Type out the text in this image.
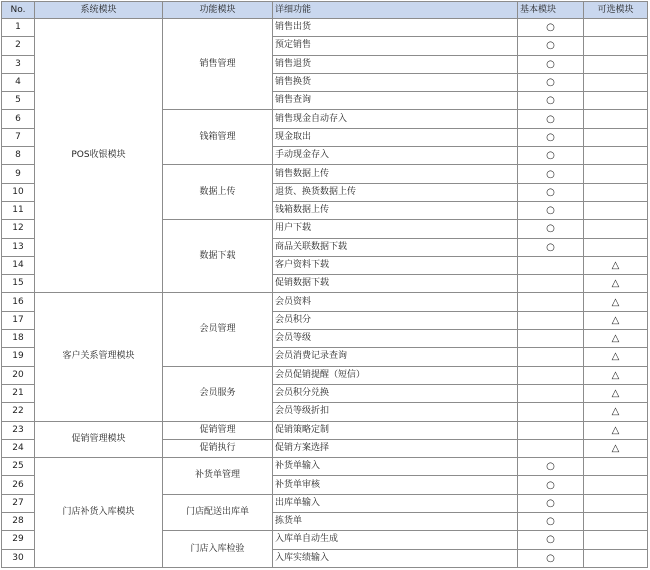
No.	系统模块	功能模块	详细功能	基本模块	可选模块
1	POS收银模块	销售管理	销售出货	○	
2			预定销售	○	
3			销售退货	○	
4			销售换货	○	
5			销售查询	○	
6		钱箱管理	销售现金自动存入	○	
7			现金取出	○	
8			手动现金存入	○	
9		数据上传	销售数据上传	○	
10			退货、换货数据上传	○	
11			钱箱数据上传	○	
12		数据下载	用户下载	○	
13			商品关联数据下载	○	
14			客户资料下载		△
15			促销数据下载		△
16	客户关系管理模块	会员管理	会员资料		△
17			会员积分		△
18			会员等级		△
19			会员消费记录查询		△
20		会员服务	会员促销提醒（短信）		△
21			会员积分兑换		△
22			会员等级折扣		△
23	促销管理模块	促销管理	促销策略定制		△
24		促销执行	促销方案选择		△
25	门店补货入库模块	补货单管理	补货单输入	○	
26			补货单审核	○	
27		门店配送出库单	出库单输入	○	
28			拣货单	○	
29		门店入库检验	入库单自动生成	○	
30			入库实绩输入	○	
